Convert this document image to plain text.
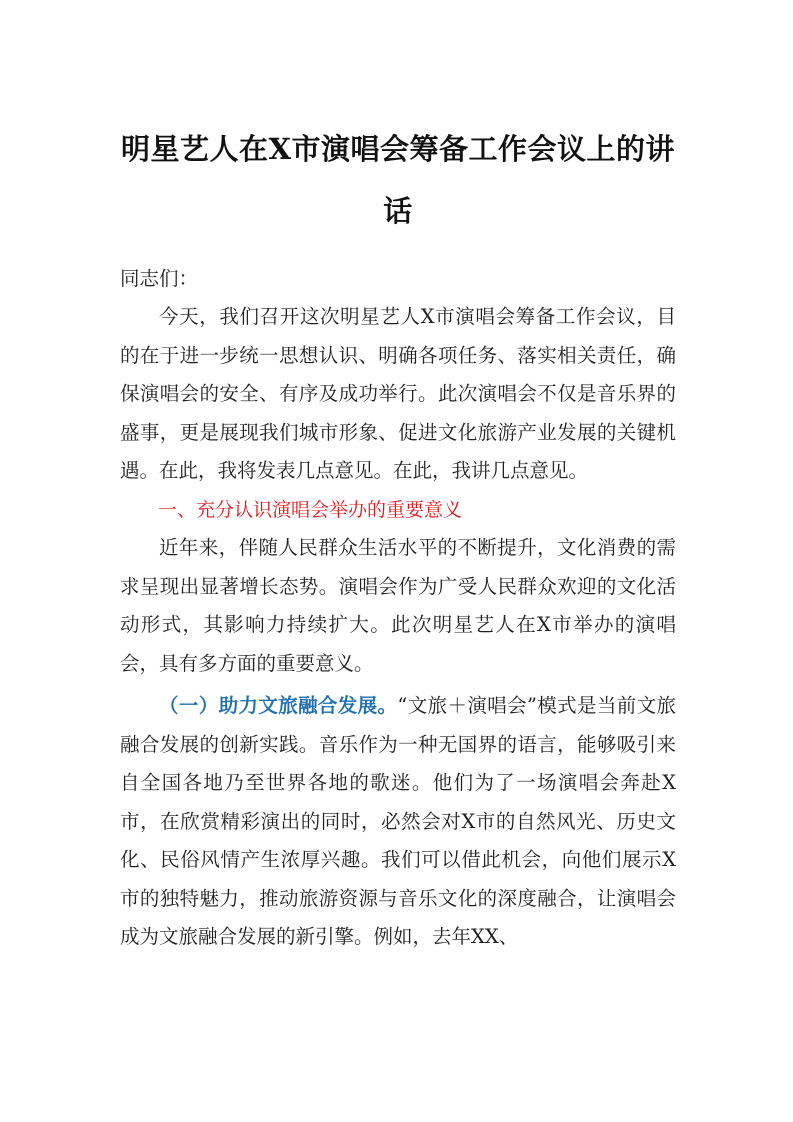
明星艺人在X市演唱会筹备工作会议上的讲话

同志们：

今天，我们召开这次明星艺人X市演唱会筹备工作会议，目的在于进一步统一思想认识、明确各项任务、落实相关责任，确保演唱会的安全、有序及成功举行。此次演唱会不仅是音乐界的盛事，更是展现我们城市形象、促进文化旅游产业发展的关键机遇。在此，我将发表几点意见。在此，我讲几点意见。

一、充分认识演唱会举办的重要意义

近年来，伴随人民群众生活水平的不断提升，文化消费的需求呈现出显著增长态势。演唱会作为广受人民群众欢迎的文化活动形式，其影响力持续扩大。此次明星艺人在X市举办的演唱会，具有多方面的重要意义。

（一）助力文旅融合发展。“文旅＋演唱会”模式是当前文旅融合发展的创新实践。音乐作为一种无国界的语言，能够吸引来自全国各地乃至世界各地的歌迷。他们为了一场演唱会奔赴X市，在欣赏精彩演出的同时，必然会对X市的自然风光、历史文化、民俗风情产生浓厚兴趣。我们可以借此机会，向他们展示X市的独特魅力，推动旅游资源与音乐文化的深度融合，让演唱会成为文旅融合发展的新引擎。例如，去年XX、
